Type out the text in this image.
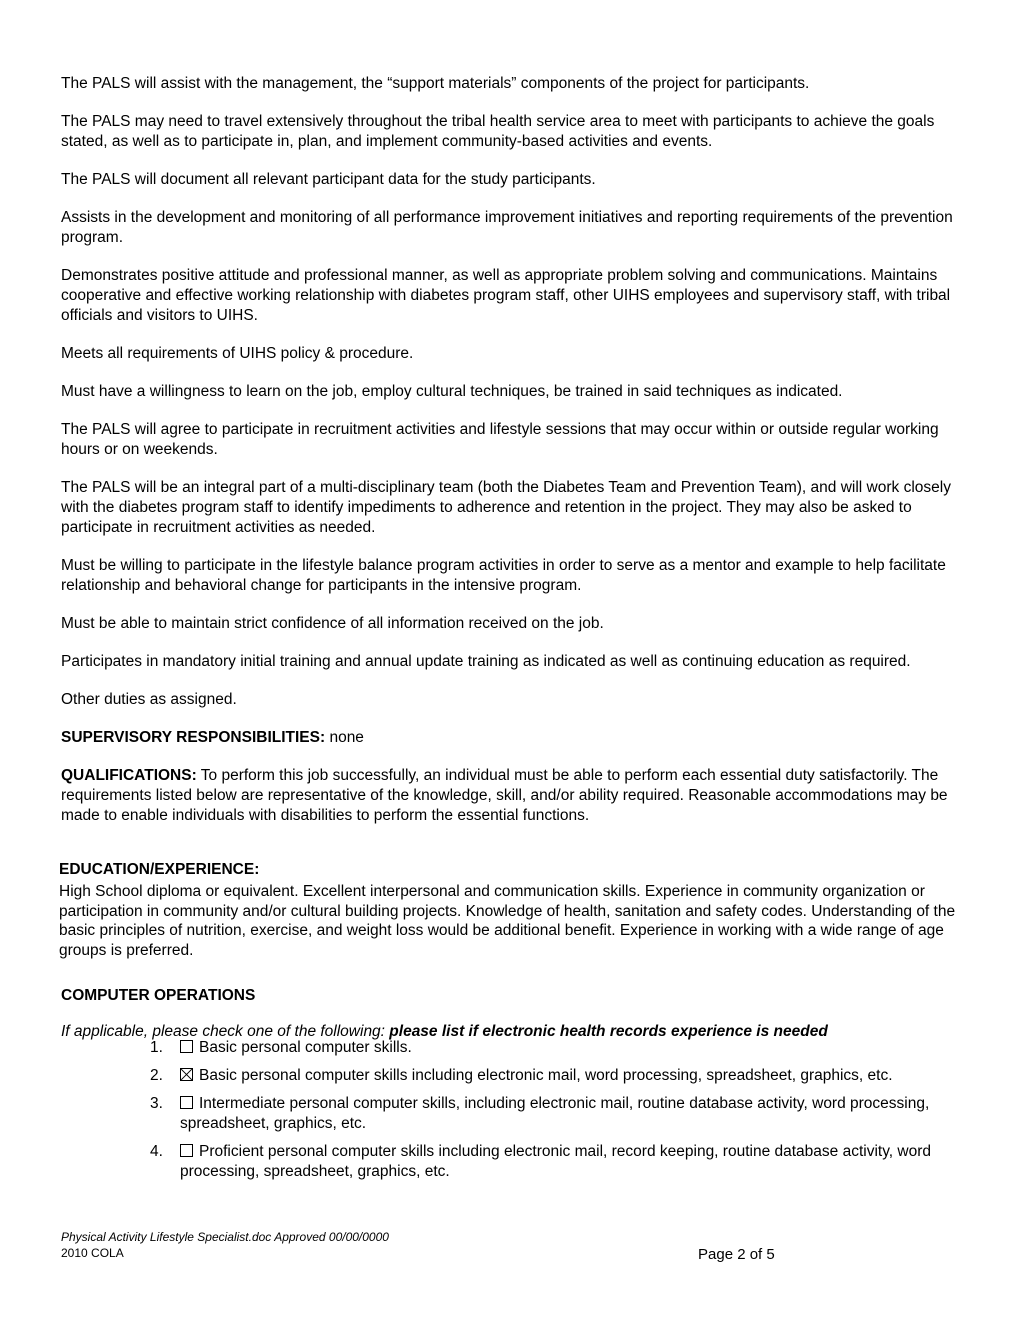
The PALS will assist with the management, the “support materials” components of the project for participants.

The PALS may need to travel extensively throughout the tribal health service area to meet with participants to achieve the goals stated, as well as to participate in, plan, and implement community-based activities and events.

The PALS will document all relevant participant data for the study participants.

Assists in the development and monitoring of all performance improvement initiatives and reporting requirements of the prevention program.

Demonstrates positive attitude and professional manner, as well as appropriate problem solving and communications. Maintains cooperative and effective working relationship with diabetes program staff, other UIHS employees and supervisory staff, with tribal officials and visitors to UIHS.

Meets all requirements of UIHS policy & procedure.

Must have a willingness to learn on the job, employ cultural techniques, be trained in said techniques as indicated.

The PALS will agree to participate in recruitment activities and lifestyle sessions that may occur within or outside regular working hours or on weekends.

The PALS will be an integral part of a multi-disciplinary team (both the Diabetes Team and Prevention Team), and will work closely with the diabetes program staff to identify impediments to adherence and retention in the project. They may also be asked to participate in recruitment activities as needed.

Must be willing to participate in the lifestyle balance program activities in order to serve as a mentor and example to help facilitate relationship and behavioral change for participants in the intensive program.

Must be able to maintain strict confidence of all information received on the job.

Participates in mandatory initial training and annual update training as indicated as well as continuing education as required.

Other duties as assigned.

SUPERVISORY RESPONSIBILITIES: none

QUALIFICATIONS: To perform this job successfully, an individual must be able to perform each essential duty satisfactorily. The requirements listed below are representative of the knowledge, skill, and/or ability required. Reasonable accommodations may be made to enable individuals with disabilities to perform the essential functions.

EDUCATION/EXPERIENCE:

High School diploma or equivalent. Excellent interpersonal and communication skills. Experience in community organization or participation in community and/or cultural building projects. Knowledge of health, sanitation and safety codes. Understanding of the basic principles of nutrition, exercise, and weight loss would be additional benefit. Experience in working with a wide range of age groups is preferred.

COMPUTER OPERATIONS

If applicable, please check one of the following: please list if electronic health records experience is needed

1. Basic personal computer skills.
2. Basic personal computer skills including electronic mail, word processing, spreadsheet, graphics, etc.
3. Intermediate personal computer skills, including electronic mail, routine database activity, word processing, spreadsheet, graphics, etc.
4. Proficient personal computer skills including electronic mail, record keeping, routine database activity, word processing, spreadsheet, graphics, etc.
Physical Activity Lifestyle Specialist.doc Approved 00/00/0000
2010 COLA	Page 2 of 5
